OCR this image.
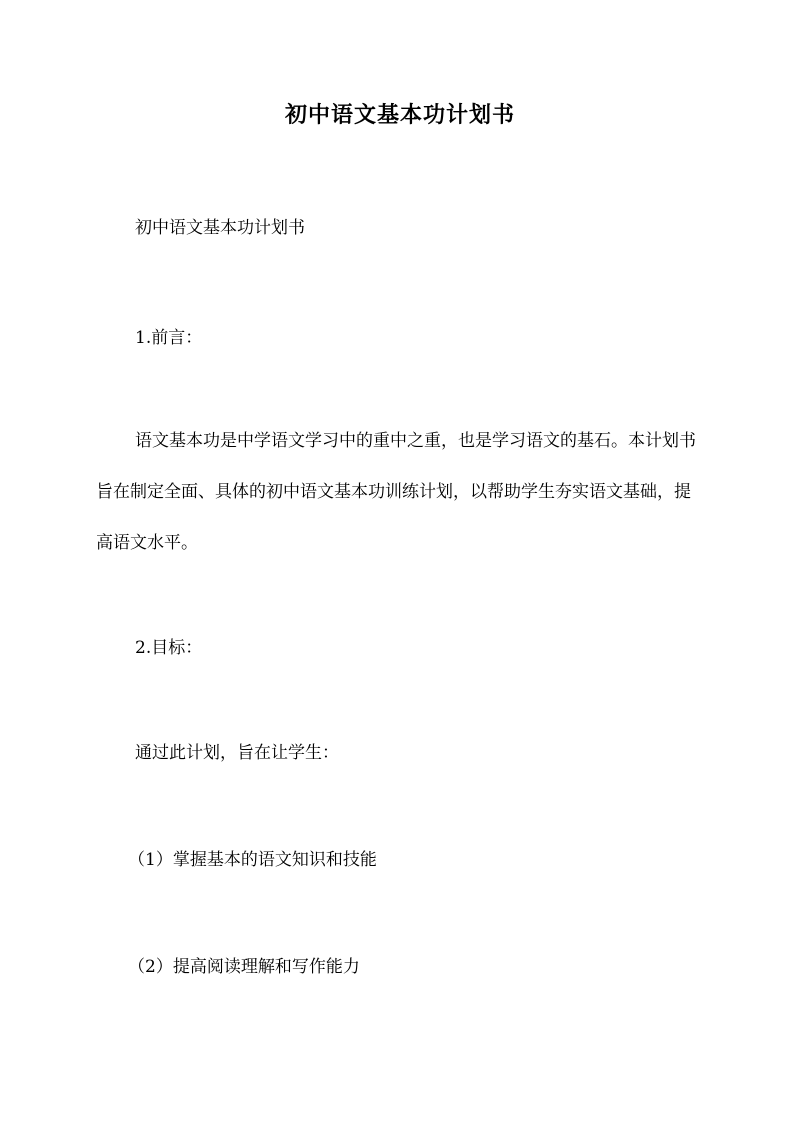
初中语文基本功计划书

初中语文基本功计划书

1.前言：

语文基本功是中学语文学习中的重中之重，也是学习语文的基石。本计划书旨在制定全面、具体的初中语文基本功训练计划，以帮助学生夯实语文基础，提高语文水平。

2.目标：

通过此计划，旨在让学生：

（1）掌握基本的语文知识和技能

（2）提高阅读理解和写作能力
